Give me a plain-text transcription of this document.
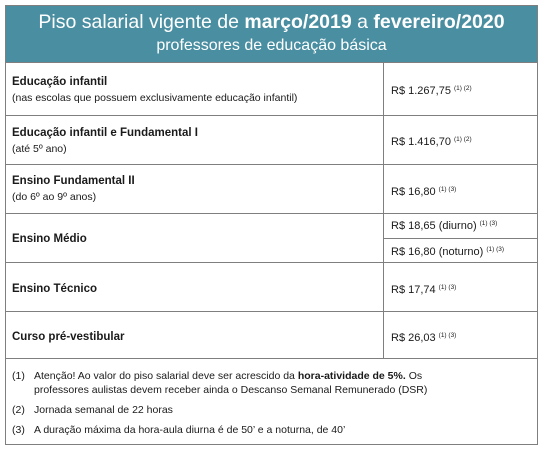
Piso salarial vigente de março/2019 a fevereiro/2020
professores de educação básica
Educação infantil
(nas escolas que possuem exclusivamente educação infantil)
R$ 1.267,75 $^{(1) (2)}$
Educação infantil e Fundamental I
(até 5º ano)
R$ 1.416,70 $^{(1) (2)}$
Ensino Fundamental II
(do 6º ao 9º anos)	R$ 16,80 $^{(1) (3)}$
Ensino Médio
R$ 18,65 (diurno) $^{(1) (3)}$
R$ 16,80 (noturno) $^{(1) (3)}$
Ensino Técnico	R$ 17,74 $^{(1) (3)}$
Curso pré-vestibular	R$ 26,03 $^{(1) (3)}$
(1) Atenção! Ao valor do piso salarial deve ser acrescido da hora-atividade de 5%. Os
professores aulistas devem receber ainda o Descanso Semanal Remunerado (DSR)
(2) Jornada semanal de 22 horas
(3) A duração máxima da hora-aula diurna é de 50’ e a noturna, de 40’
